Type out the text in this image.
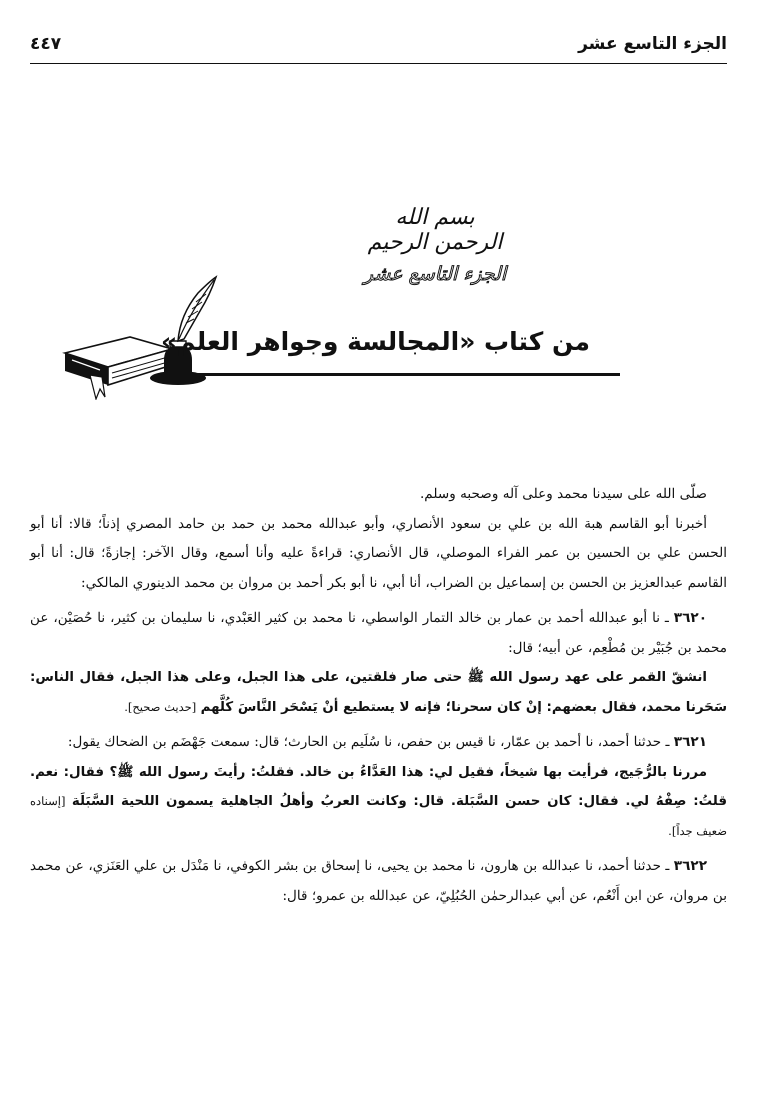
الجزء التاسع عشر
٤٤٧
بسم الله الرحمن الرحيم
الجزء التاسع عشر
من كتاب «المجالسة وجواهر العلم»

صلّى الله على سيدنا محمد وعلى آله وصحبه وسلم.

أخبرنا أبو القاسم هبة الله بن علي بن سعود الأنصاري، وأبو عبدالله محمد بن حمد بن حامد المصري إذناً؛ قالا: أنا أبو الحسن علي بن الحسين بن عمر الفراء الموصلي، قال الأنصاري: قراءةً عليه وأنا أسمع، وقال الآخر: إجازةً؛ قال: أنا أبو القاسم عبدالعزيز بن الحسن بن إسماعيل بن الضراب، أنا أبي، نا أبو بكر أحمد بن مروان بن محمد الدينوري المالكي:

٣٦٢٠ ـ نا أبو عبدالله أحمد بن عمار بن خالد التمار الواسطي، نا محمد بن كثير العَبْدي، نا سليمان بن كثير، نا حُصَيْن، عن محمد بن جُبَيْر بن مُطْعِم، عن أبيه؛ قال:

انشقّ القمر على عهد رسول الله ﷺ حتى صار فلقتين، على هذا الجبل، وعلى هذا الجبل، فقال الناس: سَحَرنا محمد، فقال بعضهم: إنْ كان سحرنا؛ فإنه لا يستطيع أنْ يَسْحَر النَّاسَ كُلَّهم [حديث صحيح].

٣٦٢١ ـ حدثنا أحمد، نا أحمد بن عمّار، نا قيس بن حفص، نا سُلَيم بن الحارث؛ قال: سمعت جَهْضَم بن الضحاك يقول:

مررنا بالرُّجَيج، فرأيت بها شيخاً، فقيل لي: هذا العَدَّاءُ بن خالد. فقلتُ: رأيتَ رسول الله ﷺ؟ فقال: نعم. قلتُ: صِفْهُ لي. فقال: كان حسن السَّبَلة. قال: وكانت العربُ وأهلُ الجاهلية يسمون اللحية السَّبَلَة [إسناده ضعيف جداً].

٣٦٢٢ ـ حدثنا أحمد، نا عبدالله بن هارون، نا محمد بن يحيى، نا إسحاق بن بشر الكوفي، نا مَنْدَل بن علي العَنَزي، عن محمد بن مروان، عن ابن أَنْعُم، عن أبي عبدالرحمٰن الحُبُلِيّ، عن عبدالله بن عمرو؛ قال:
